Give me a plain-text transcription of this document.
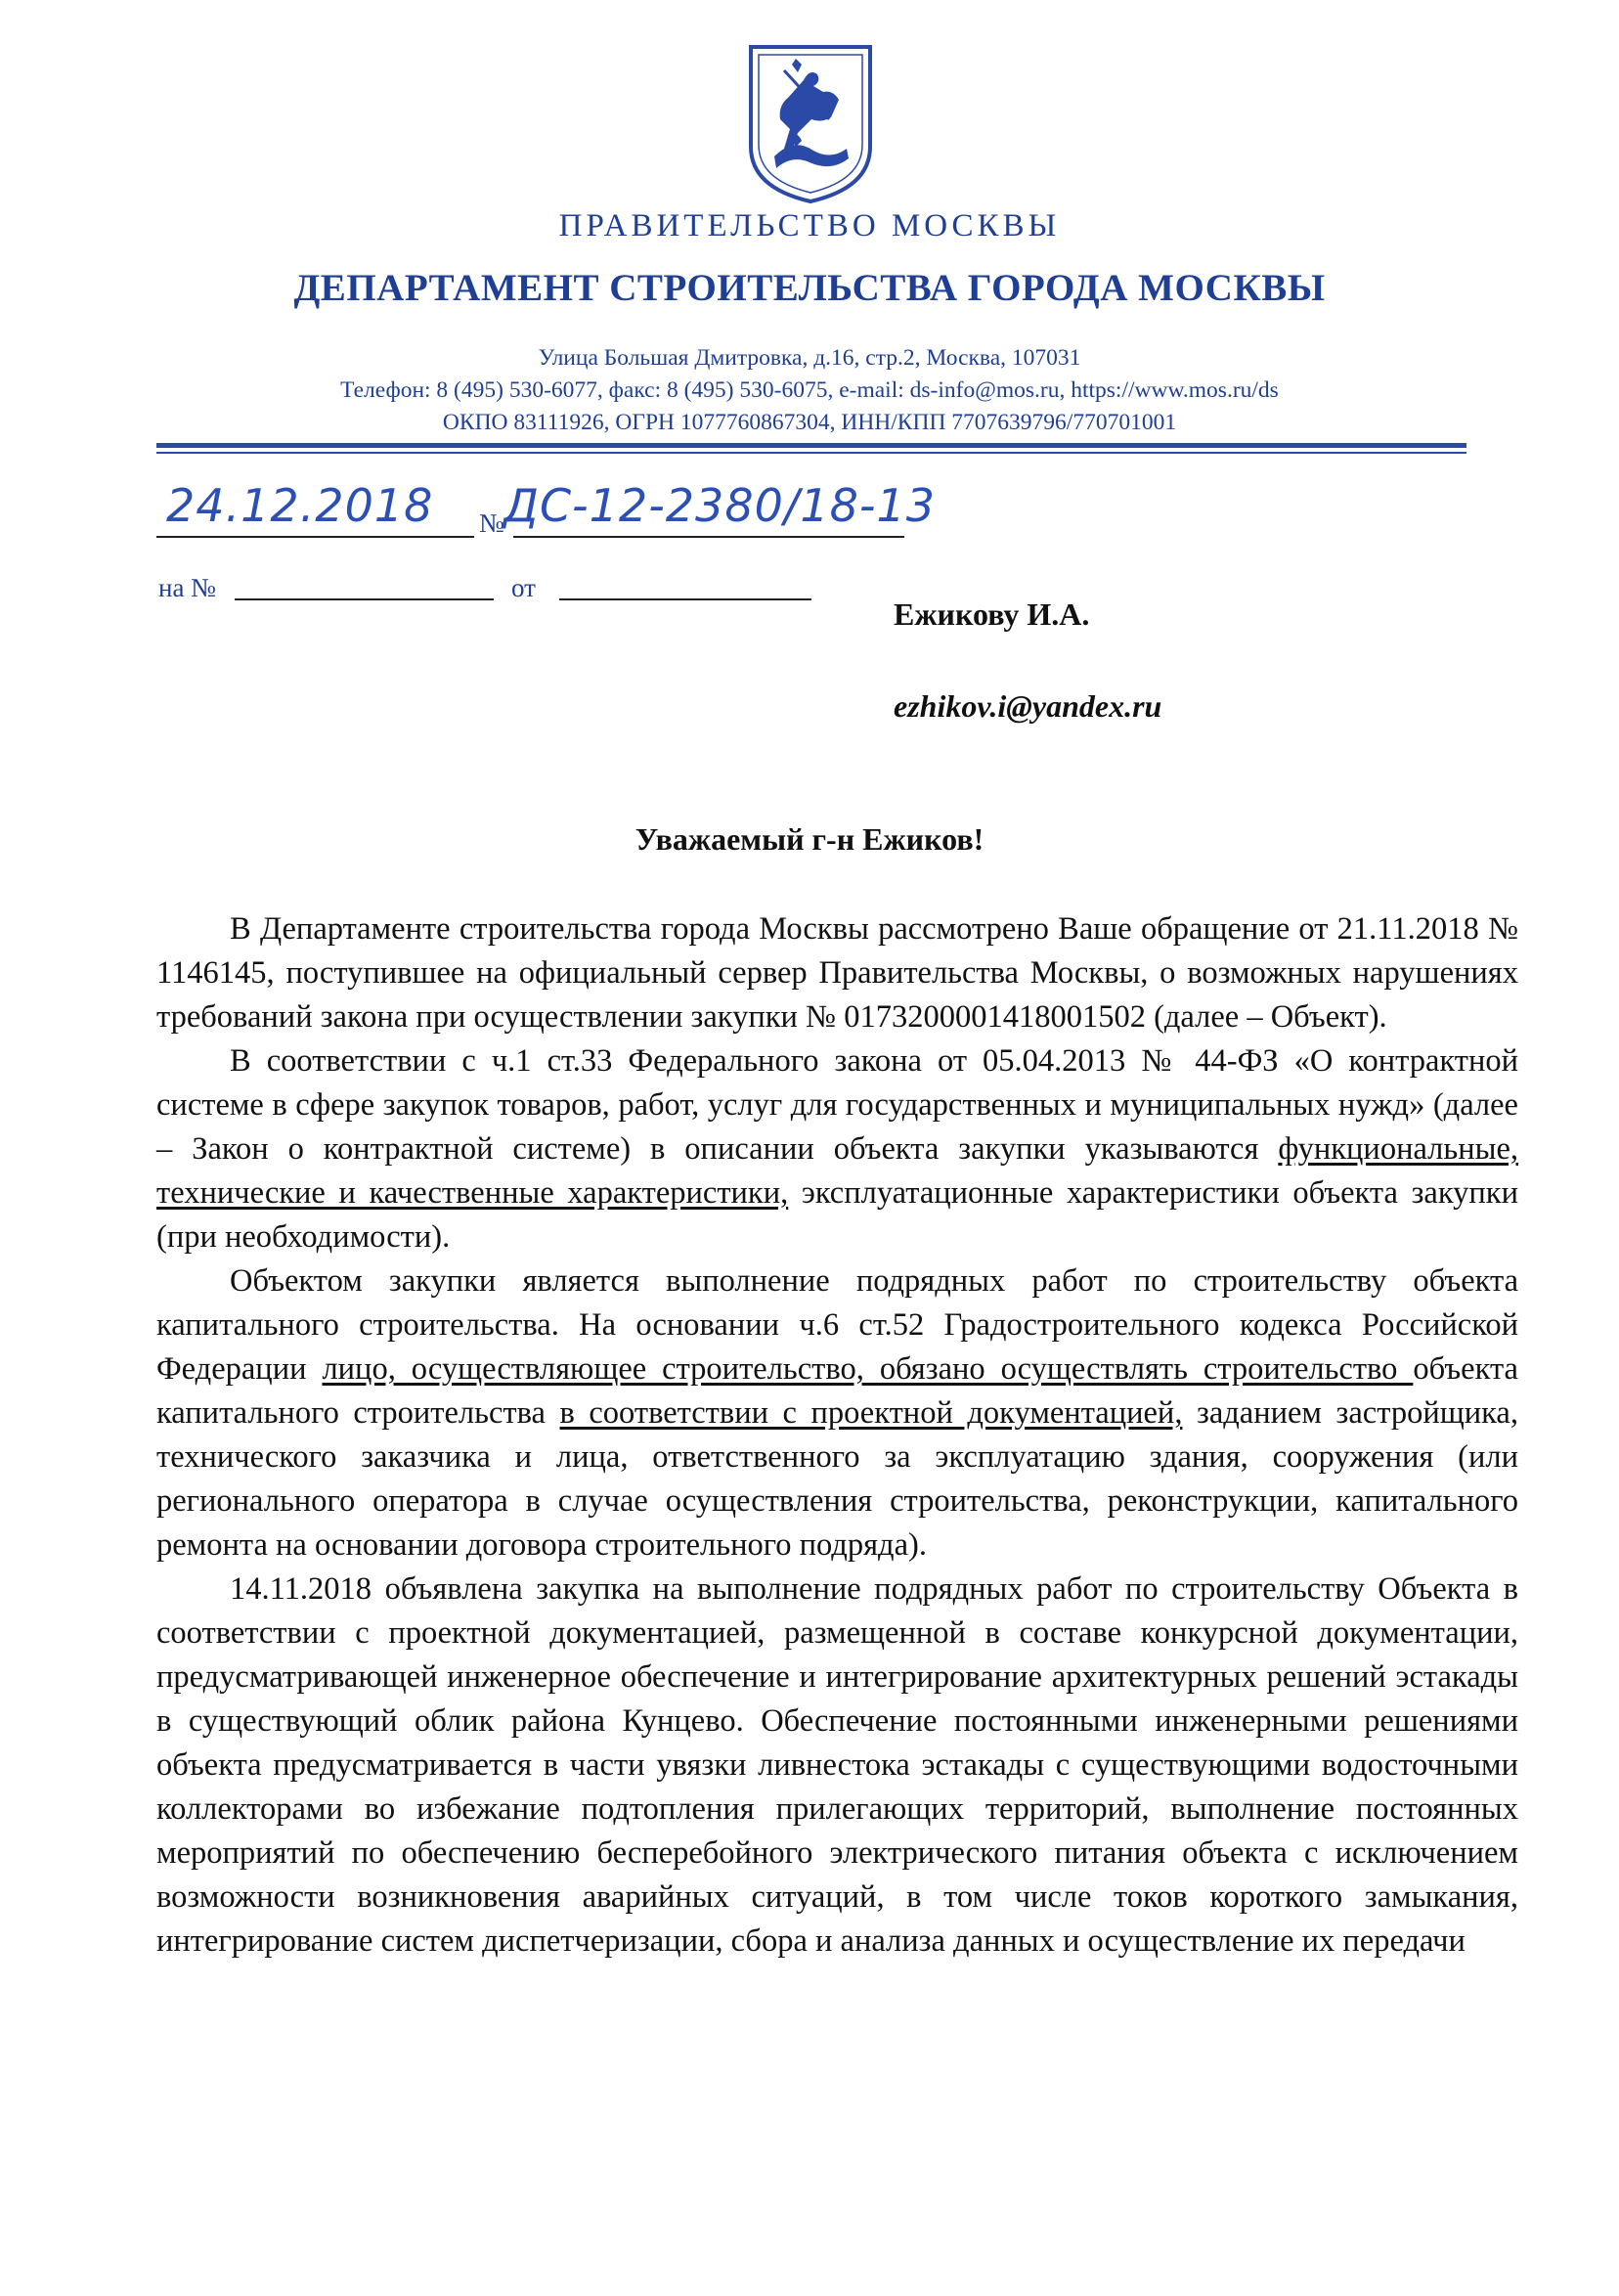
ПРАВИТЕЛЬСТВО МОСКВЫ
ДЕПАРТАМЕНТ СТРОИТЕЛЬСТВА ГОРОДА МОСКВЫ
Улица Большая Дмитровка, д.16, стр.2, Москва, 107031
Телефон: 8 (495) 530-6077, факс: 8 (495) 530-6075, e-mail: ds-info@mos.ru, https://www.mos.ru/ds
ОКПО 83111926, ОГРН 1077760867304, ИНН/КПП 7707639796/770701001
24.12.2018 № ДС-12-2380/18-13
на №	от
Ежикову И.А.
ezhikov.i@yandex.ru
Уважаемый г-н Ежиков!

В Департаменте строительства города Москвы рассмотрено Ваше обращение от 21.11.2018 № 1146145, поступившее на официальный сервер Правительства Москвы, о возможных нарушениях требований закона при осуществлении закупки № 0173200001418001502 (далее – Объект).

В соответствии с ч.1 ст.33 Федерального закона от 05.04.2013 № 44-ФЗ «О контрактной системе в сфере закупок товаров, работ, услуг для государственных и муниципальных нужд» (далее – Закон о контрактной системе) в описании объекта закупки указываются функциональные, технические и качественные характеристики, эксплуатационные характеристики объекта закупки (при необходимости).

Объектом закупки является выполнение подрядных работ по строительству объекта капитального строительства. На основании ч.6 ст.52 Градостроительного кодекса Российской Федерации лицо, осуществляющее строительство, обязано осуществлять строительство объекта капитального строительства в соответствии с проектной документацией, заданием застройщика, технического заказчика и лица, ответственного за эксплуатацию здания, сооружения (или регионального оператора в случае осуществления строительства, реконструкции, капитального ремонта на основании договора строительного подряда).

14.11.2018 объявлена закупка на выполнение подрядных работ по строительству Объекта в соответствии с проектной документацией, размещенной в составе конкурсной документации, предусматривающей инженерное обеспечение и интегрирование архитектурных решений эстакады в существующий облик района Кунцево. Обеспечение постоянными инженерными решениями объекта предусматривается в части увязки ливнестока эстакады с существующими водосточными коллекторами во избежание подтопления прилегающих территорий, выполнение постоянных мероприятий по обеспечению бесперебойного электрического питания объекта с исключением возможности возникновения аварийных ситуаций, в том числе токов короткого замыкания, интегрирование систем диспетчеризации, сбора и анализа данных и осуществление их передачи
